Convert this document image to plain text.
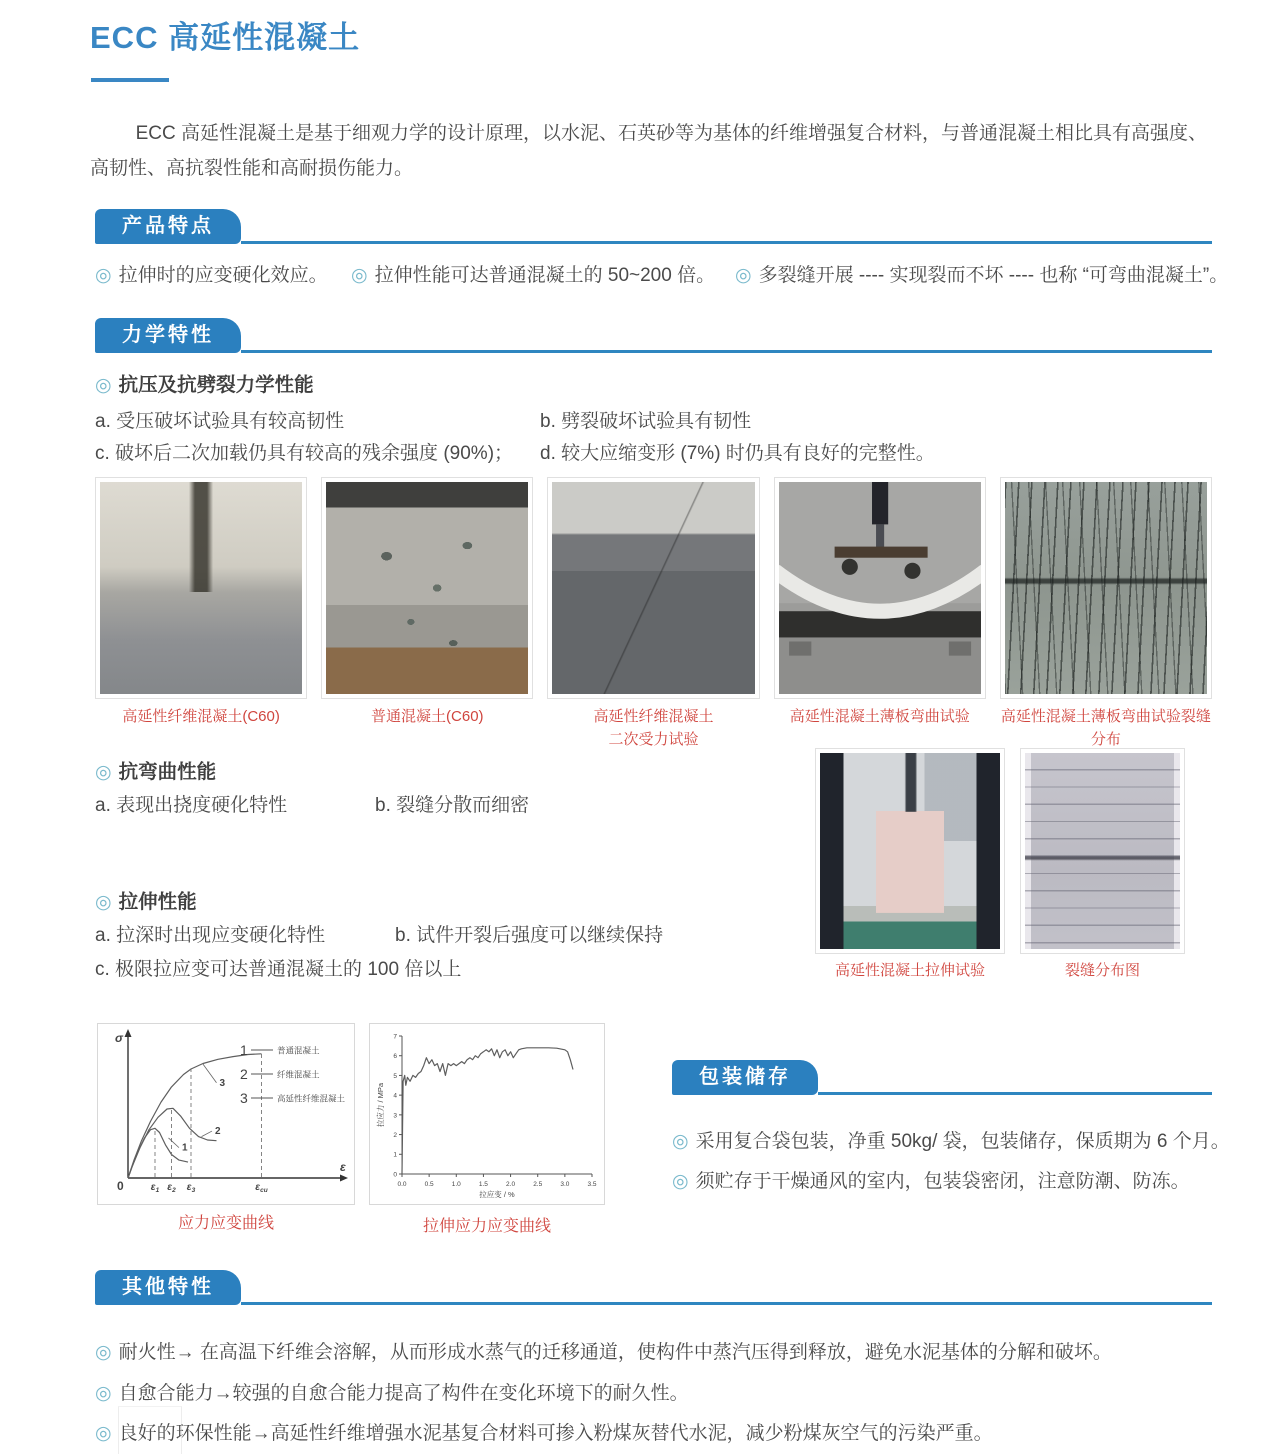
ECC 高延性混凝土
ECC 高延性混凝土是基于细观力学的设计原理，以水泥、石英砂等为基体的纤维增强复合材料，与普通混凝土相比具有高强度、高韧性、高抗裂性能和高耐损伤能力。
产品特点
◎ 拉伸时的应变硬化效应。 ◎ 拉伸性能可达普通混凝土的 50~200 倍。 ◎ 多裂缝开展 ---- 实现裂而不坏 ---- 也称 “可弯曲混凝土”。
力学特性
◎ 抗压及抗劈裂力学性能
a. 受压破坏试验具有较高韧性	b. 劈裂破坏试验具有韧性
c. 破坏后二次加载仍具有较高的残余强度 (90%)； d. 较大应缩变形 (7%) 时仍具有良好的完整性。
高延性纤维混凝土(C60)	普通混凝土(C60)	高延性纤维混凝土
二次受力试验
高延性混凝土薄板弯曲试验	高延性混凝土薄板弯曲试验裂缝分布
◎ 抗弯曲性能
a. 表现出挠度硬化特性	b. 裂缝分散而细密
高延性混凝土拉伸试验	裂缝分布图
◎ 拉伸性能
a. 拉深时出现应变硬化特性	b. 试件开裂后强度可以继续保持
c. 极限拉应变可达普通混凝土的 100 倍以上
σ
ε
0	$\varepsilon_1$ $\varepsilon_2$ $\varepsilon_3$	$\varepsilon_{cu}$
1
2
3
1	普通混凝土
2	纤维混凝土
3	高延性纤维混凝土
0.0	0.5	1.0	1.5	2.0	2.5	3.0	3.5
0
1
2
3
4
5
6
7
拉应变 / %
拉应力 / MPa
应力应变曲线	拉伸应力应变曲线
包装储存
◎ 采用复合袋包装，净重 50kg/ 袋，包装储存，保质期为 6 个月。
◎ 须贮存于干燥通风的室内，包装袋密闭，注意防潮、防冻。
其他特性
◎ 耐火性→ 在高温下纤维会溶解，从而形成水蒸气的迁移通道，使构件中蒸汽压得到释放，避免水泥基体的分解和破坏。
◎ 自愈合能力→较强的自愈合能力提高了构件在变化环境下的耐久性。
◎ 良好的环保性能→高延性纤维增强水泥基复合材料可掺入粉煤灰替代水泥，减少粉煤灰空气的污染严重。
